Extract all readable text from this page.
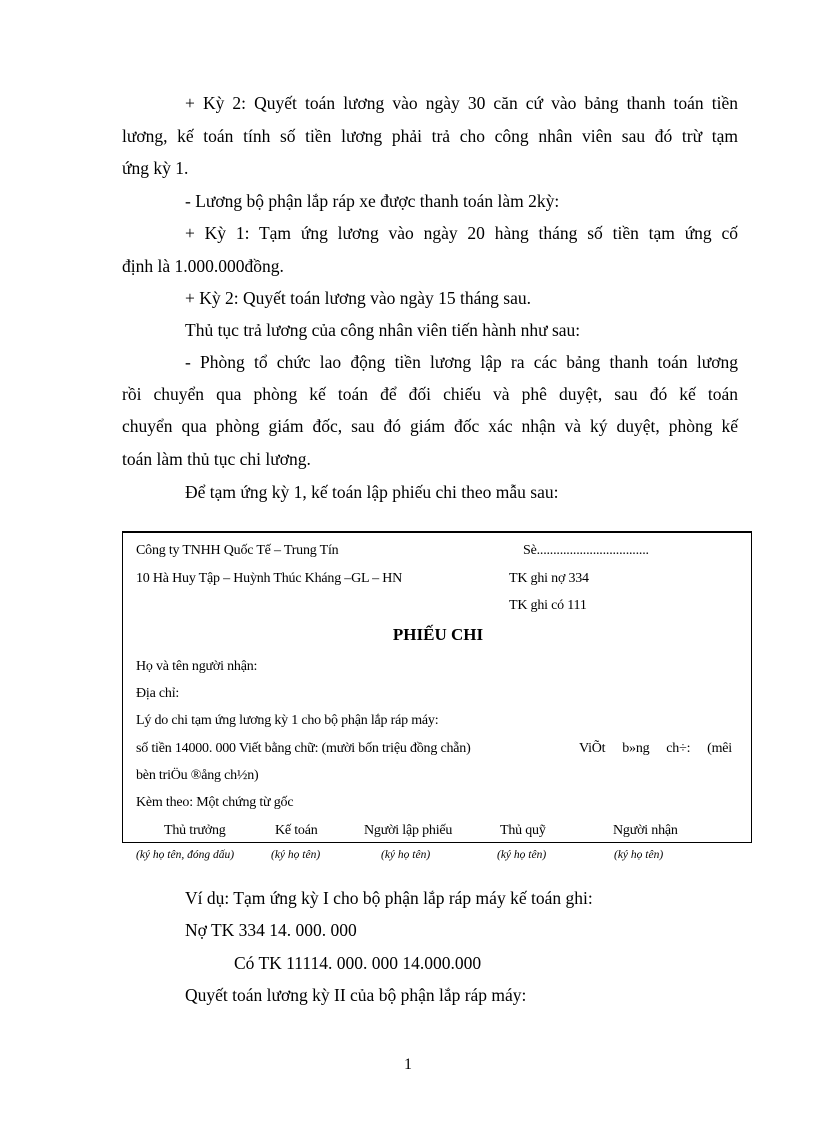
+ Kỳ 2: Quyết toán lương vào ngày 30 căn cứ vào bảng thanh toán tiền
lương, kế toán tính số tiền lương phải trả cho công nhân viên sau đó trừ tạm
ứng kỳ 1.
- Lương bộ phận lắp ráp xe được thanh toán làm 2kỳ:
+ Kỳ 1: Tạm ứng lương vào ngày 20 hàng tháng số tiền tạm ứng cố
định là 1.000.000đồng.
+ Kỳ 2: Quyết toán lương vào ngày 15 tháng sau.
Thủ tục trả lương của công nhân viên tiến hành như sau:
- Phòng tổ chức lao động tiền lương lập ra các bảng thanh toán lương
rồi chuyển qua phòng kế toán để đối chiếu và phê duyệt, sau đó kế toán
chuyển qua phòng giám đốc, sau đó giám đốc xác nhận và ký duyệt, phòng kế
toán làm thủ tục chi lương.
Để tạm ứng kỳ 1, kế toán lập phiếu chi theo mẫu sau:
Công ty TNHH Quốc Tế – Trung Tín	Sè..................................
10 Hà Huy Tập – Huỳnh Thúc Kháng –GL – HN	TK ghi nợ 334
TK ghi có 111
PHIẾU CHI
Họ và tên người nhận:
Địa chỉ:
Lý do chi tạm ứng lương kỳ 1 cho bộ phận lắp ráp máy:
số tiền 14000. 000 Viết bằng chữ: (mười bốn triệu đồng chẵn)	ViÕt b»ng ch÷: (mêi
bèn triÖu ®ång ch½n)
Kèm theo: Một chứng từ gốc
Thủ trưởng	Kế toán	Người lập phiếu	Thủ quỹ	Người nhận
(ký họ tên, đóng dấu)	(ký họ tên)	(ký họ tên)	(ký họ tên)	(ký họ tên)
Ví dụ: Tạm ứng kỳ I cho bộ phận lắp ráp máy kế toán ghi:
Nợ TK 334 14. 000. 000
Có TK 11114. 000. 000 14.000.000
Quyết toán lương kỳ II của bộ phận lắp ráp máy:
1
